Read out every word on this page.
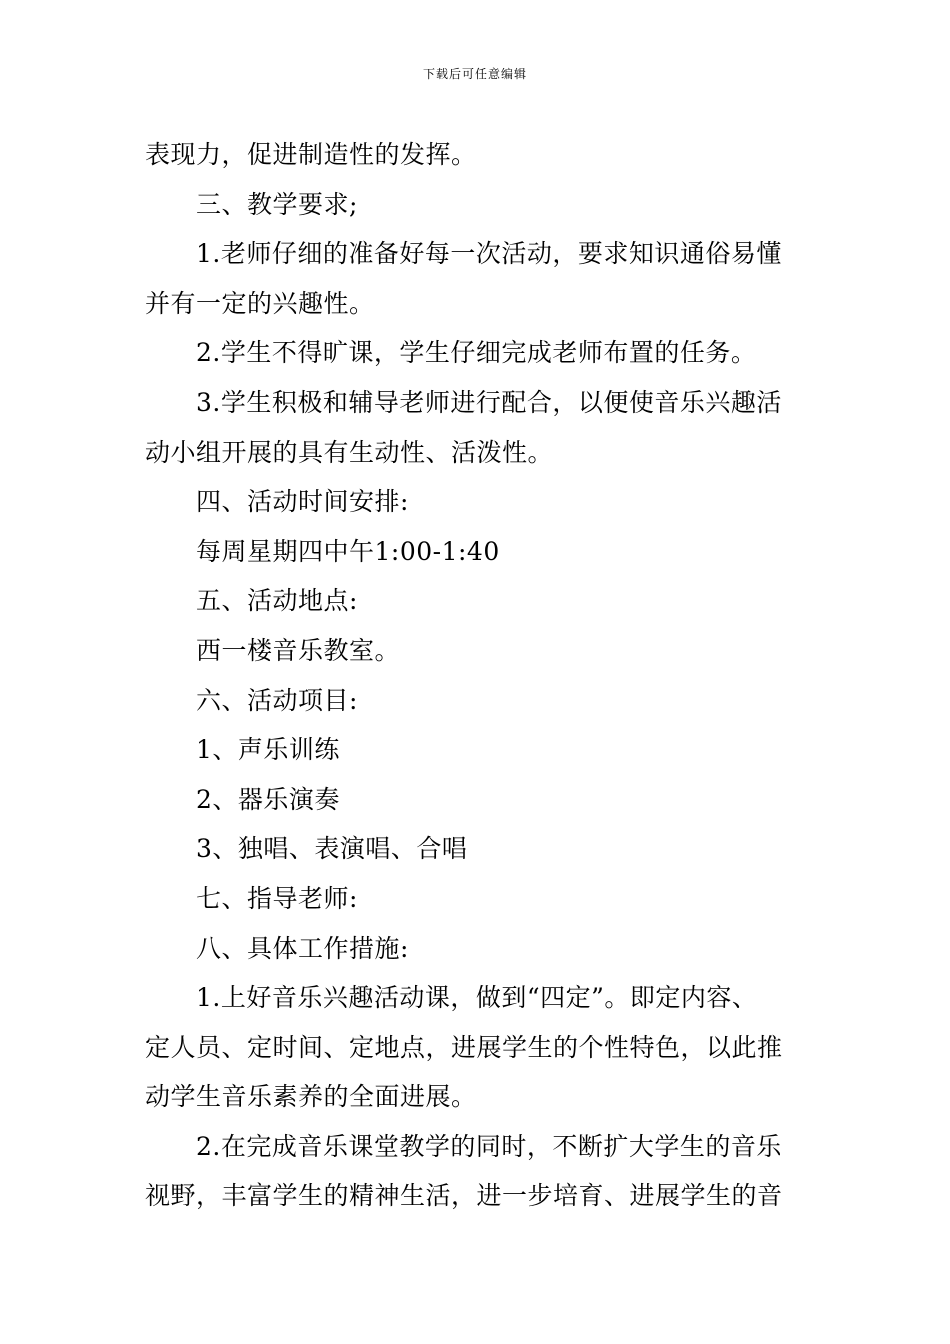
下载后可任意编辑
表现力，促进制造性的发挥。
三、教学要求;
1.老师仔细的准备好每一次活动，要求知识通俗易懂
并有一定的兴趣性。
2.学生不得旷课，学生仔细完成老师布置的任务。
3.学生积极和辅导老师进行配合，以便使音乐兴趣活
动小组开展的具有生动性、活泼性。
四、活动时间安排:
每周星期四中午1:00-1:40
五、活动地点:
西一楼音乐教室。
六、活动项目:
1、声乐训练
2、器乐演奏
3、独唱、表演唱、合唱
七、指导老师:
八、具体工作措施:
1.上好音乐兴趣活动课，做到“四定”。即定内容、
定人员、定时间、定地点，进展学生的个性特色，以此推
动学生音乐素养的全面进展。
2.在完成音乐课堂教学的同时，不断扩大学生的音乐
视野，丰富学生的精神生活，进一步培育、进展学生的音
